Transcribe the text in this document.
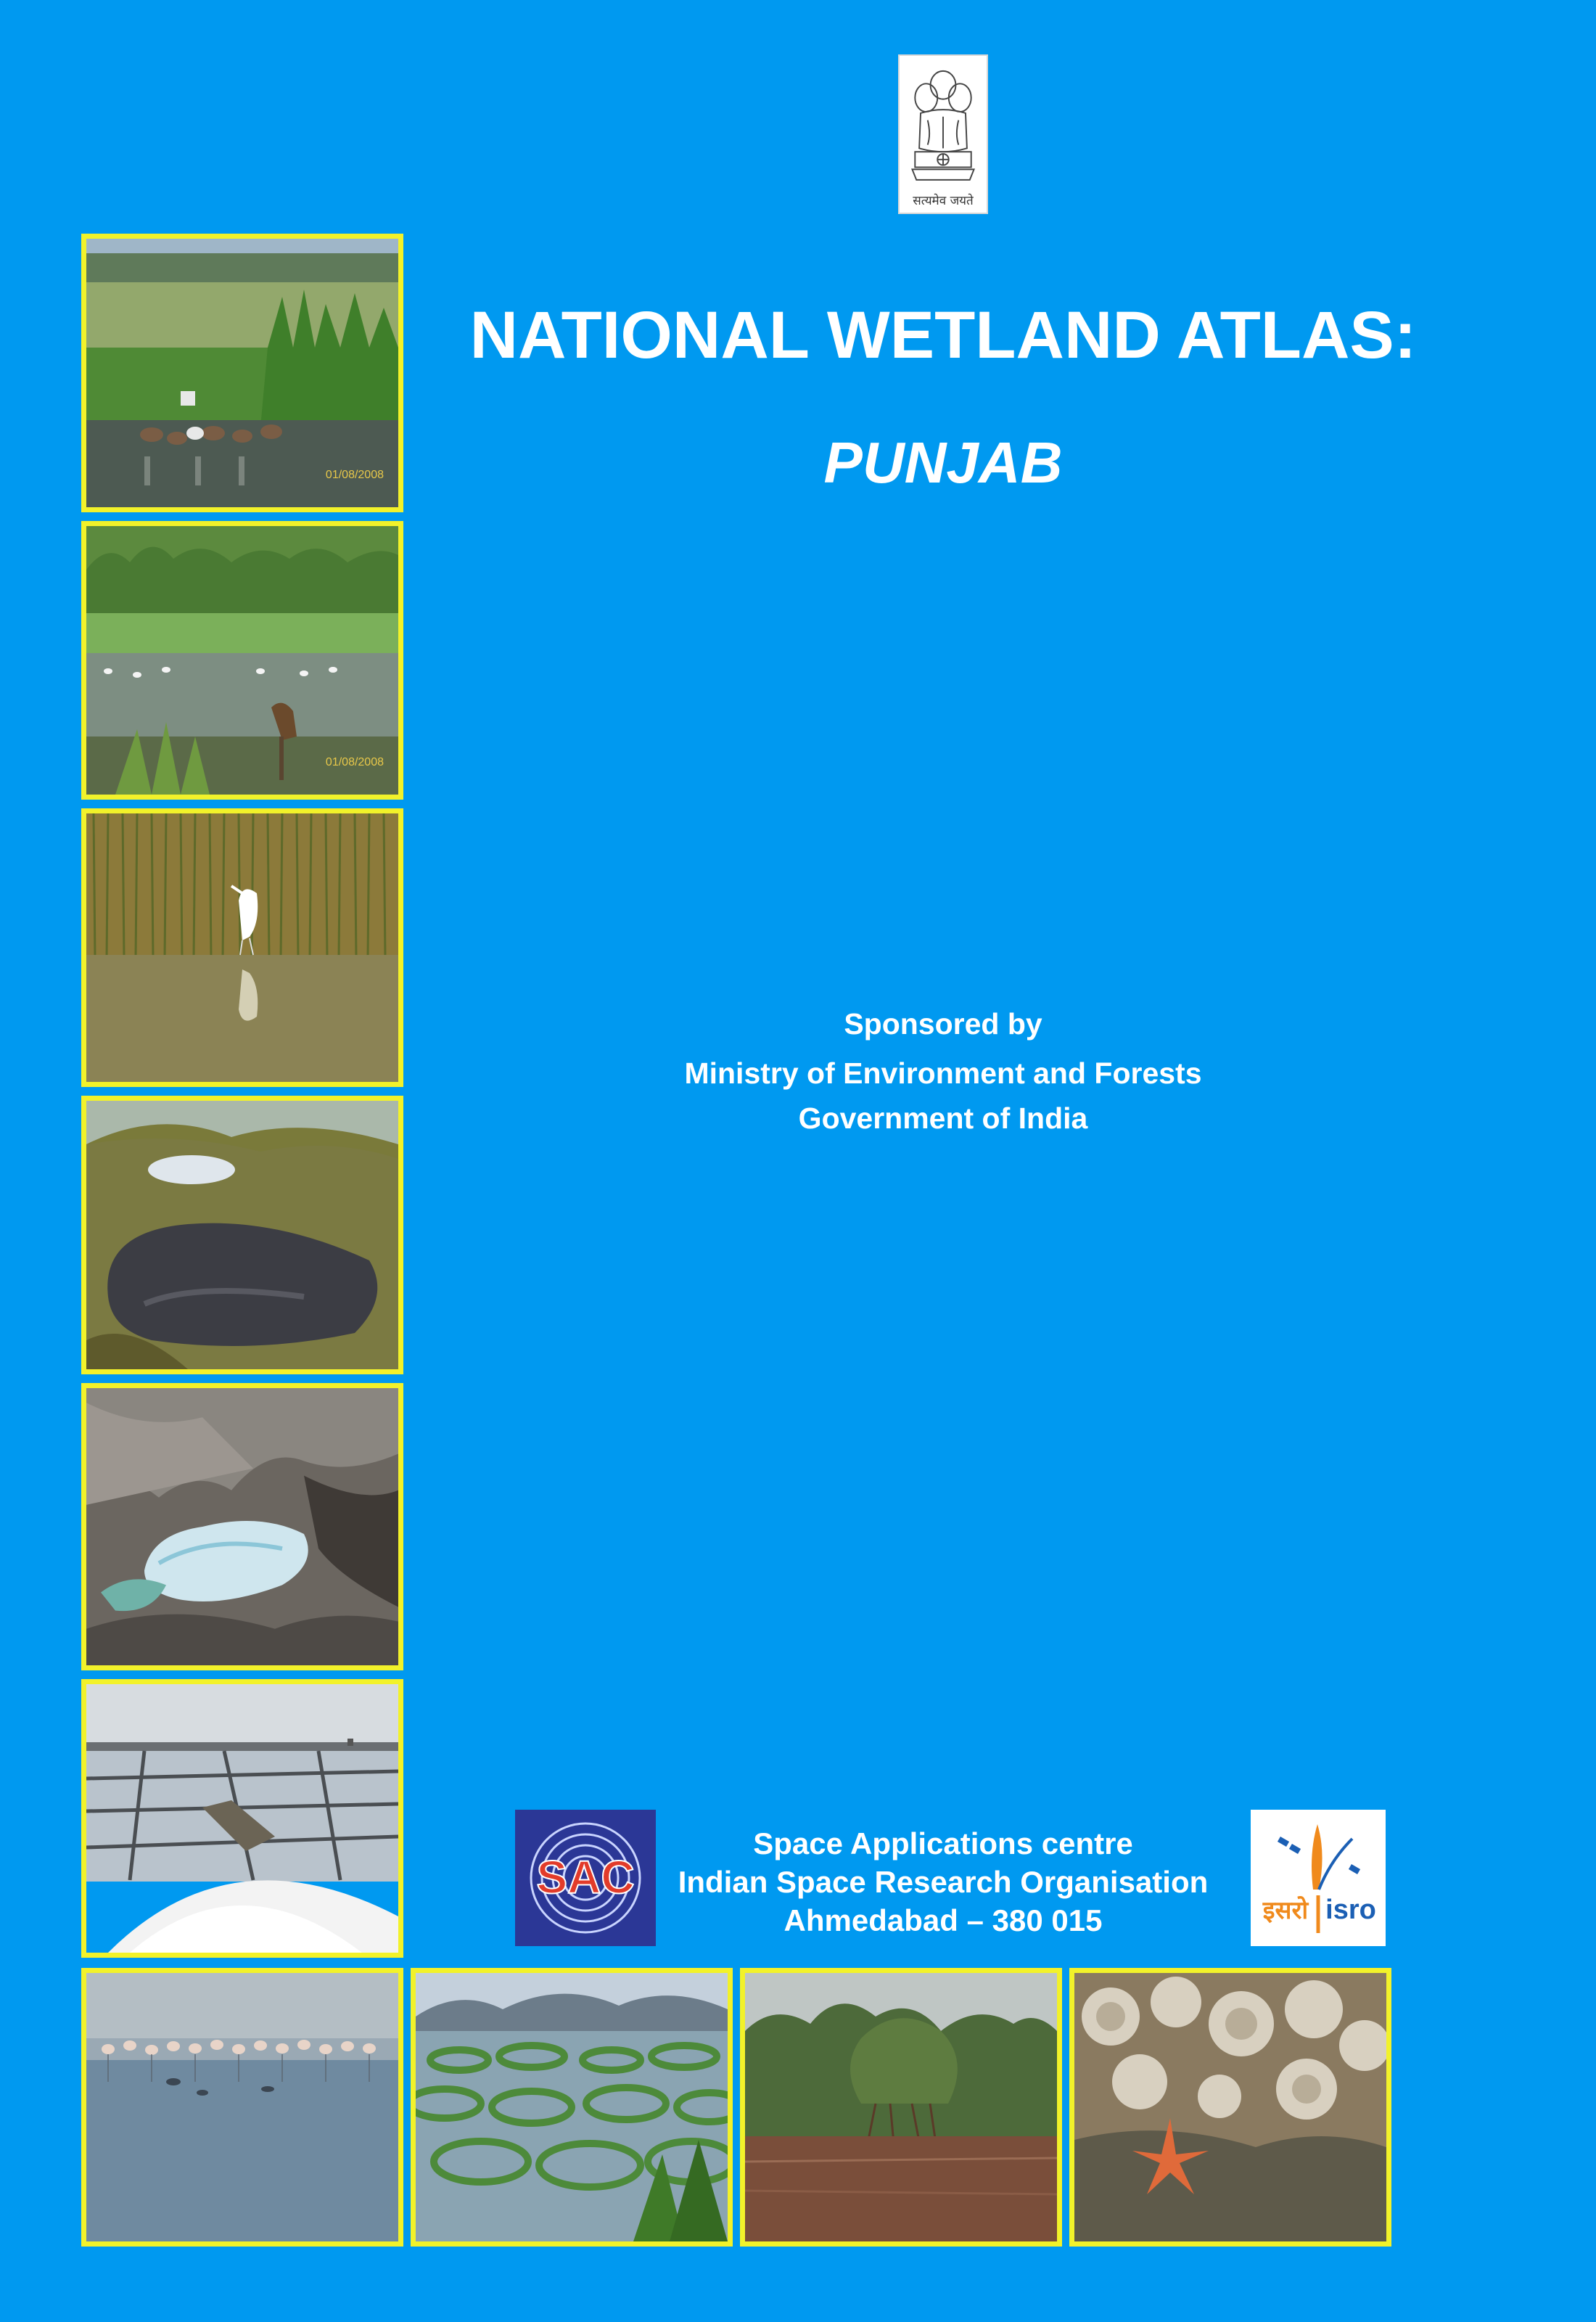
सत्यमेव जयते
NATIONAL WETLAND ATLAS:
PUNJAB
Sponsored by
Ministry of Environment and Forests
Government of India
SAC
Space Applications centre
Indian Space Research Organisation
Ahmedabad – 380 015	इसरो isro
01/08/2008
01/08/2008
